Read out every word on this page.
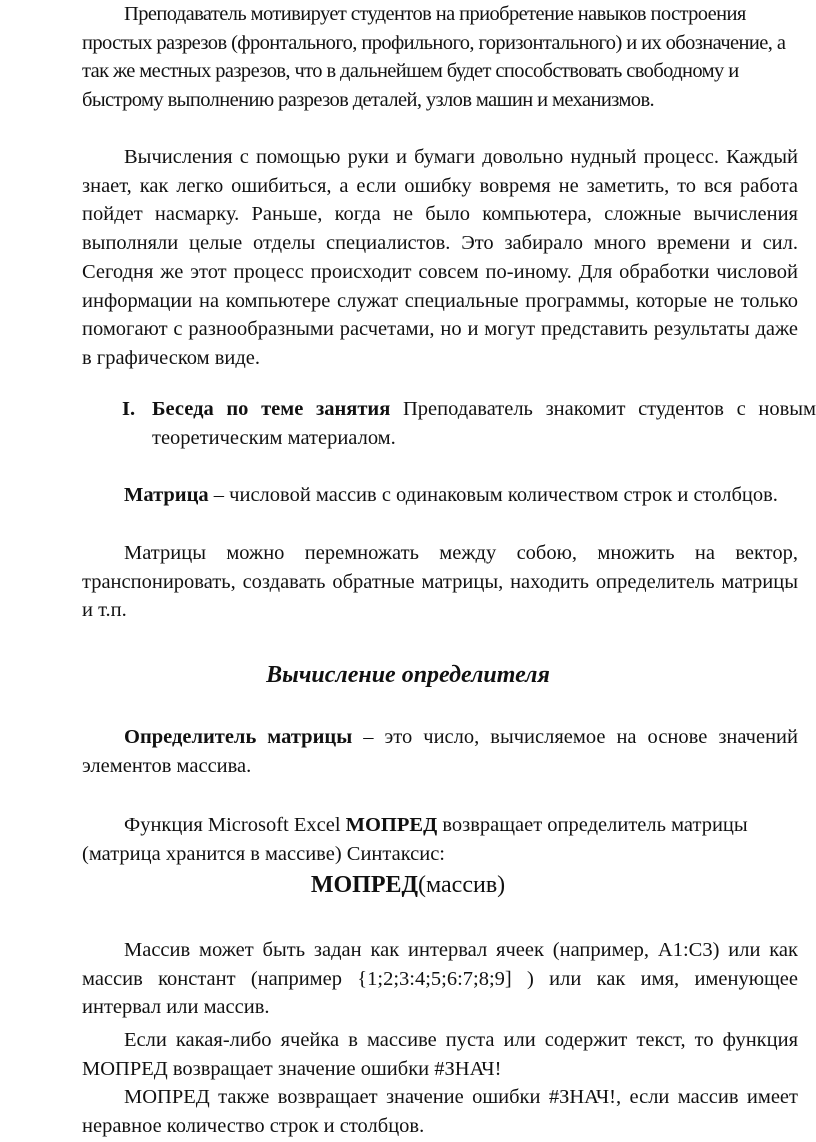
Преподаватель мотивирует студентов на приобретение навыков построения простых разрезов (фронтального, профильного, горизонтального) и их обозначение, а так же местных разрезов, что в дальнейшем будет способствовать свободному и быстрому выполнению разрезов деталей, узлов машин и механизмов.

Вычисления с помощью руки и бумаги довольно нудный процесс. Каждый знает, как легко ошибиться, а если ошибку вовремя не заметить, то вся работа пойдет насмарку. Раньше, когда не было компьютера, сложные вычисления выполняли целые отделы специалистов. Это забирало много времени и сил. Сегодня же этот процесс происходит совсем по-иному. Для обработки числовой информации на компьютере служат специальные программы, которые не только помогают с разнообразными расчетами, но и могут представить результаты даже в графическом виде.

I. Беседа по теме занятия Преподаватель знакомит студентов с новым теоретическим материалом.

Матрица – числовой массив с одинаковым количеством строк и столбцов.

Матрицы можно перемножать между собою, множить на вектор, транспонировать, создавать обратные матрицы, находить определитель матрицы и т.п.

Вычисление определителя

Определитель матрицы – это число, вычисляемое на основе значений элементов массива.

Функция Microsoft Excel МОПРЕД возвращает определитель матрицы (матрица хранится в массиве) Синтаксис:

МОПРЕД(массив)

Массив может быть задан как интервал ячеек (например, A1:C3) или как массив констант (например {1;2;3:4;5;6:7;8;9] ) или как имя, именующее интервал или массив.

Если какая-либо ячейка в массиве пуста или содержит текст, то функция МОПРЕД возвращает значение ошибки #ЗНАЧ!

МОПРЕД также возвращает значение ошибки #ЗНАЧ!, если массив имеет неравное количество строк и столбцов.
